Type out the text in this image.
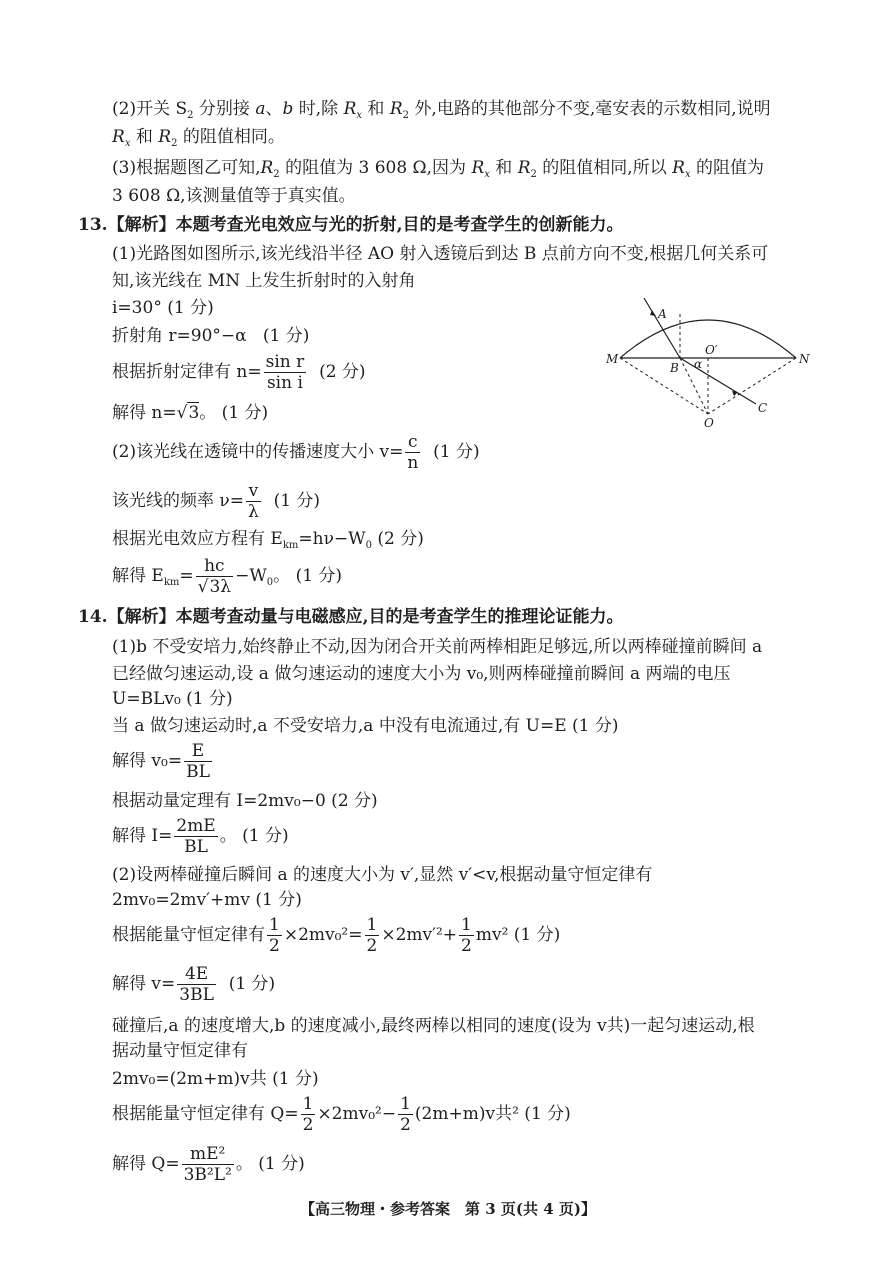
(2)开关 $S_2$ 分别接 a、b 时,除 $R_x$ 和 $R_2$ 外,电路的其他部分不变,毫安表的示数相同,说明
$R_x$ 和 $R_2$ 的阻值相同。
(3)根据题图乙可知$,R_2$ 的阻值为 3 608 Ω,因为 $R_x$ 和 $R_2$ 的阻值相同,所以 $R_x$ 的阻值为
3 608 Ω,该测量值等于真实值。
13.【解析】本题考查光电效应与光的折射,目的是考查学生的创新能力。
(1)光路图如图所示,该光线沿半径 AO 射入透镜后到达 B 点前方向不变,根据几何关系可
知,该光线在 MN 上发生折射时的入射角
i=30° (1 分)
折射角 r=90°−α (1 分)
根据折射定律有 $n= \frac{\text{sin r}}{\text{sin i}} (2$ 分)
解得 n=√3。 (1 分)
(2)该光线在透镜中的传播速度大小 $v= \frac{c}{n} (1$ 分)
该光线的频率 $\nu= \frac{v}{\lambda} (1$ 分)
根据光电效应方程有 $E_{km}=h\nu-W_0$ (2 分)
解得 $E_{km}= \frac{hc}{√3\lambda} -W_0$。 (1 分)
A
M	N
B
O′
α
C
O
14.【解析】本题考查动量与电磁感应,目的是考查学生的推理论证能力。
(1)b 不受安培力,始终静止不动,因为闭合开关前两棒相距足够远,所以两棒碰撞前瞬间 a
已经做匀速运动,设 a 做匀速运动的速度大小为 v₀,则两棒碰撞前瞬间 a 两端的电压
U=BLv₀ (1 分)
当 a 做匀速运动时,a 不受安培力,a 中没有电流通过,有 U=E (1 分)
解得 $v_0= \frac{E}{BL}$
根据动量定理有 I=2mv₀−0 (2 分)
解得 $I= \frac{2mE}{BL}$ 。 (1 分)
(2)设两棒碰撞后瞬间 a 的速度大小为 v′,显然 v′<v,根据动量守恒定律有
2mv₀=2mv′+mv (1 分)
根据能量守恒定律有 $\frac{1}{2} \times 2mv_0^2= \frac{1}{2} \times 2mv'^2+ \frac{1}{2} mv^2$ (1 分)
解得 $v= \frac{4E}{3BL} (1$ 分)
碰撞后,a 的速度增大,b 的速度减小,最终两棒以相同的速度(设为 v共)一起匀速运动,根
据动量守恒定律有
2mv₀=(2m+m)v共 (1 分)
根据能量守恒定律有 $Q= \frac{1}{2} \times 2mv_0^2- \frac{1}{2} (2m+m)v$共² (1 分)
解得 $Q= \frac{\text{mE²}}{\text{3B²L²}}$ 。 (1 分)
【高三物理・参考答案　第 3 页(共 4 页)】
